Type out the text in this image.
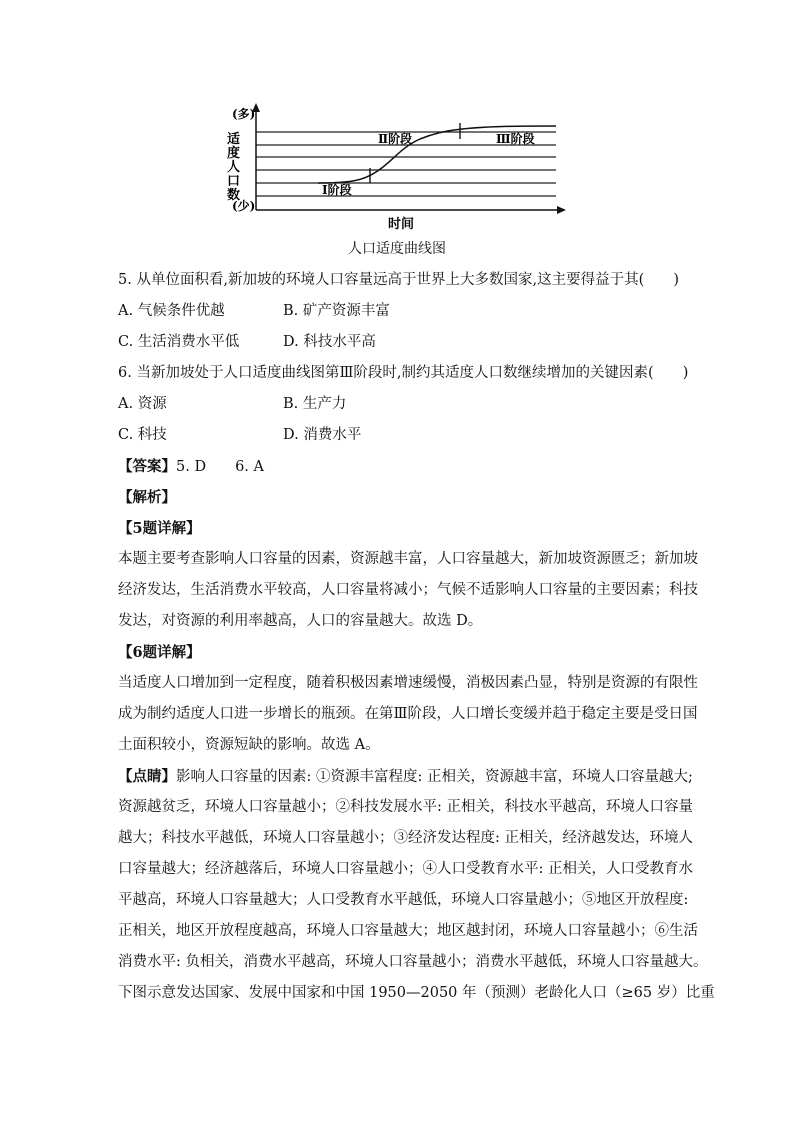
(多)
(少)
适
度
人
口
数	Ⅰ阶段
Ⅱ阶段	Ⅲ阶段
时间
人口适度曲线图
5. 从单位面积看,新加坡的环境人口容量远高于世界上大多数国家,这主要得益于其(　　)
A. 气候条件优越	B. 矿产资源丰富
C. 生活消费水平低	D. 科技水平高
6. 当新加坡处于人口适度曲线图第Ⅲ阶段时,制约其适度人口数继续增加的关键因素(　　)
A. 资源	B. 生产力
C. 科技	D. 消费水平
【答案】5. D　　6. A
【解析】
【5题详解】
本题主要考查影响人口容量的因素，资源越丰富，人口容量越大，新加坡资源匮乏；新加坡
经济发达，生活消费水平较高，人口容量将减小；气候不适影响人口容量的主要因素；科技
发达，对资源的利用率越高，人口的容量越大。故选 D。
【6题详解】
当适度人口增加到一定程度，随着积极因素增速缓慢，消极因素凸显，特别是资源的有限性
成为制约适度人口进一步增长的瓶颈。在第Ⅲ阶段，人口增长变缓并趋于稳定主要是受日国
土面积较小，资源短缺的影响。故选 A。
【点睛】影响人口容量的因素: ①资源丰富程度: 正相关，资源越丰富，环境人口容量越大;
资源越贫乏，环境人口容量越小；②科技发展水平: 正相关，科技水平越高，环境人口容量
越大；科技水平越低，环境人口容量越小；③经济发达程度: 正相关，经济越发达，环境人
口容量越大；经济越落后，环境人口容量越小；④人口受教育水平: 正相关，人口受教育水
平越高，环境人口容量越大；人口受教育水平越低，环境人口容量越小；⑤地区开放程度:
正相关，地区开放程度越高，环境人口容量越大；地区越封闭，环境人口容量越小；⑥生活
消费水平: 负相关，消费水平越高，环境人口容量越小；消费水平越低，环境人口容量越大。
下图示意发达国家、发展中国家和中国 1950—2050 年（预测）老龄化人口（≥65 岁）比重
